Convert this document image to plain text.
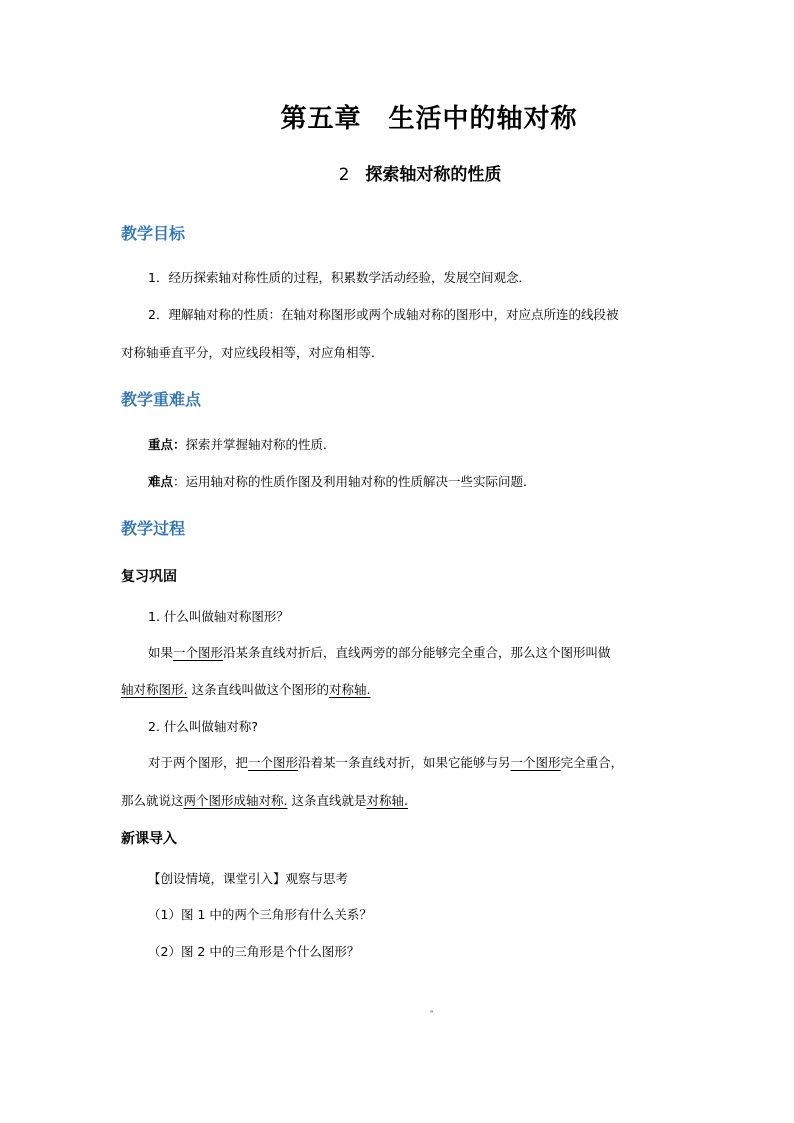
第五章　生活中的轴对称
2 探索轴对称的性质
教学目标
1．经历探索轴对称性质的过程，积累数学活动经验，发展空间观念．
2．理解轴对称的性质：在轴对称图形或两个成轴对称的图形中，对应点所连的线段被
对称轴垂直平分，对应线段相等，对应角相等．
教学重难点
重点：探索并掌握轴对称的性质．
难点：运用轴对称的性质作图及利用轴对称的性质解决一些实际问题．
教学过程
复习巩固
1. 什么叫做轴对称图形？
如果一个图形沿某条直线对折后，直线两旁的部分能够完全重合，那么这个图形叫做
轴对称图形. 这条直线叫做这个图形的对称轴.
2. 什么叫做轴对称?
对于两个图形，把一个图形沿着某一条直线对折，如果它能够与另一个图形完全重合，
那么就说这两个图形成轴对称. 这条直线就是对称轴.
新课导入
【创设情境，课堂引入】观察与思考
（1）图 1 中的两个三角形有什么关系？
（2）图 2 中的三角形是个什么图形？
ᵃ
